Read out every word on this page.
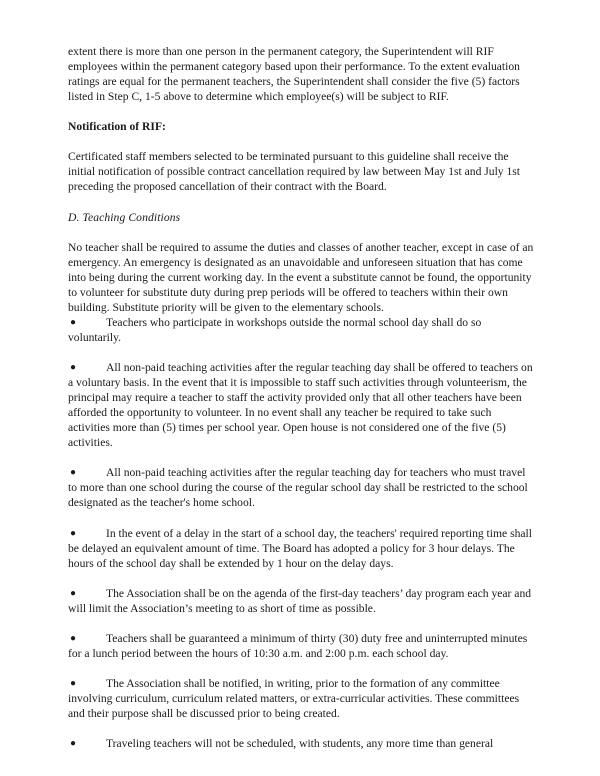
extent there is more than one person in the permanent category, the Superintendent will RIF employees within the permanent category based upon their performance. To the extent evaluation ratings are equal for the permanent teachers, the Superintendent shall consider the five (5) factors listed in Step C, 1-5 above to determine which employee(s) will be subject to RIF.

Notification of RIF:

Certificated staff members selected to be terminated pursuant to this guideline shall receive the initial notification of possible contract cancellation required by law between May 1st and July 1st preceding the proposed cancellation of their contract with the Board.

D. Teaching Conditions

No teacher shall be required to assume the duties and classes of another teacher, except in case of an emergency. An emergency is designated as an unavoidable and unforeseen situation that has come into being during the current working day. In the event a substitute cannot be found, the opportunity to volunteer for substitute duty during prep periods will be offered to teachers within their own building. Substitute priority will be given to the elementary schools.

●	Teachers who participate in workshops outside the normal school day shall do so voluntarily.

●	All non-paid teaching activities after the regular teaching day shall be offered to teachers on a voluntary basis. In the event that it is impossible to staff such activities through volunteerism, the principal may require a teacher to staff the activity provided only that all other teachers have been afforded the opportunity to volunteer. In no event shall any teacher be required to take such activities more than (5) times per school year. Open house is not considered one of the five (5) activities.

●	All non-paid teaching activities after the regular teaching day for teachers who must travel to more than one school during the course of the regular school day shall be restricted to the school designated as the teacher's home school.

●	In the event of a delay in the start of a school day, the teachers' required reporting time shall be delayed an equivalent amount of time. The Board has adopted a policy for 3 hour delays. The hours of the school day shall be extended by 1 hour on the delay days.

●	The Association shall be on the agenda of the first-day teachers’ day program each year and will limit the Association’s meeting to as short of time as possible.

●	Teachers shall be guaranteed a minimum of thirty (30) duty free and uninterrupted minutes for a lunch period between the hours of 10:30 a.m. and 2:00 p.m. each school day.

●	The Association shall be notified, in writing, prior to the formation of any committee involving curriculum, curriculum related matters, or extra-curricular activities. These committees and their purpose shall be discussed prior to being created.

●	Traveling teachers will not be scheduled, with students, any more time than general
